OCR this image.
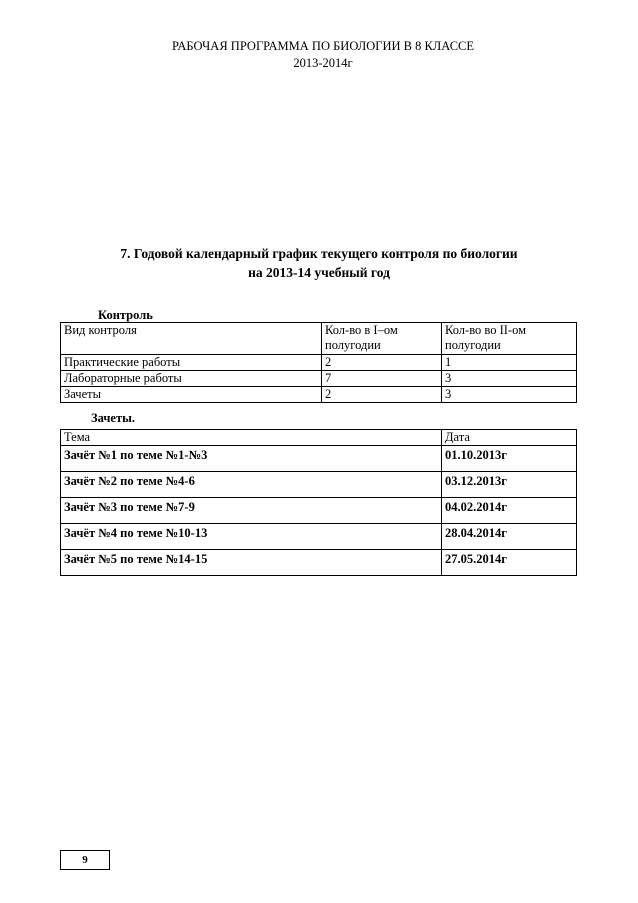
РАБОЧАЯ ПРОГРАММА ПО БИОЛОГИИ В 8 КЛАССЕ
2013-2014г
7. Годовой календарный график текущего контроля по биологии
на 2013-14 учебный год
Контроль
Вид контроля	Кол-во в I–ом полугодии	Кол-во во II-ом полугодии
Практические работы	2	1
Лабораторные работы	7	3
Зачеты	2	3
Зачеты.
Тема	Дата
Зачёт №1 по теме №1-№3	01.10.2013г
Зачёт №2 по теме №4-6	03.12.2013г
Зачёт №3 по теме №7-9	04.02.2014г
Зачёт №4 по теме №10-13	28.04.2014г
Зачёт №5 по теме №14-15	27.05.2014г
9
